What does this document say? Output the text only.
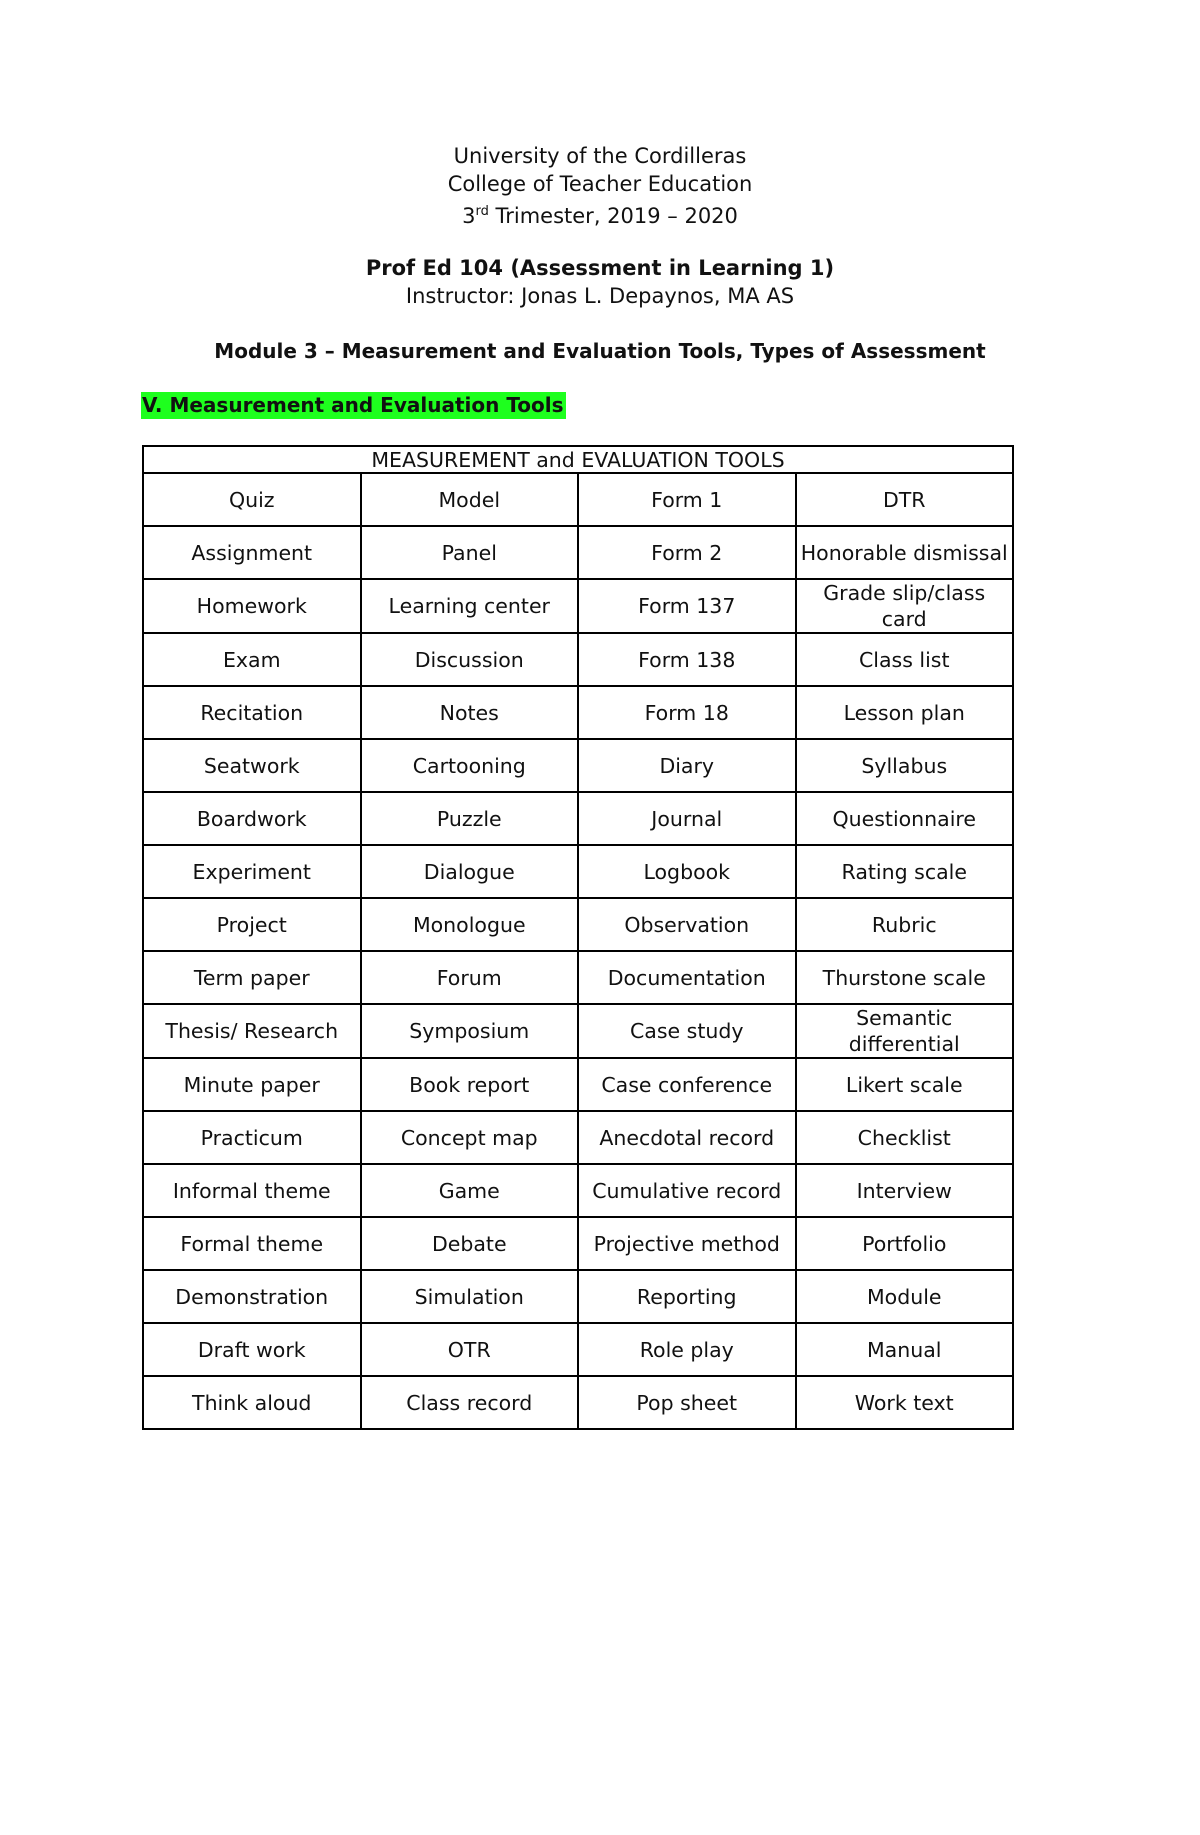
University of the Cordilleras
College of Teacher Education
3rd Trimester, 2019 – 2020
Prof Ed 104 (Assessment in Learning 1)
Instructor: Jonas L. Depaynos, MA AS
Module 3 – Measurement and Evaluation Tools, Types of Assessment
V. Measurement and Evaluation Tools
MEASUREMENT and EVALUATION TOOLS			
Quiz	Model	Form 1	DTR
Assignment	Panel	Form 2	Honorable dismissal
Homework	Learning center	Form 137	Grade slip/class card
Exam	Discussion	Form 138	Class list
Recitation	Notes	Form 18	Lesson plan
Seatwork	Cartooning	Diary	Syllabus
Boardwork	Puzzle	Journal	Questionnaire
Experiment	Dialogue	Logbook	Rating scale
Project	Monologue	Observation	Rubric
Term paper	Forum	Documentation	Thurstone scale
Thesis/ Research	Symposium	Case study	Semantic differential
Minute paper	Book report	Case conference	Likert scale
Practicum	Concept map	Anecdotal record	Checklist
Informal theme	Game	Cumulative record	Interview
Formal theme	Debate	Projective method	Portfolio
Demonstration	Simulation	Reporting	Module
Draft work	OTR	Role play	Manual
Think aloud	Class record	Pop sheet	Work text
